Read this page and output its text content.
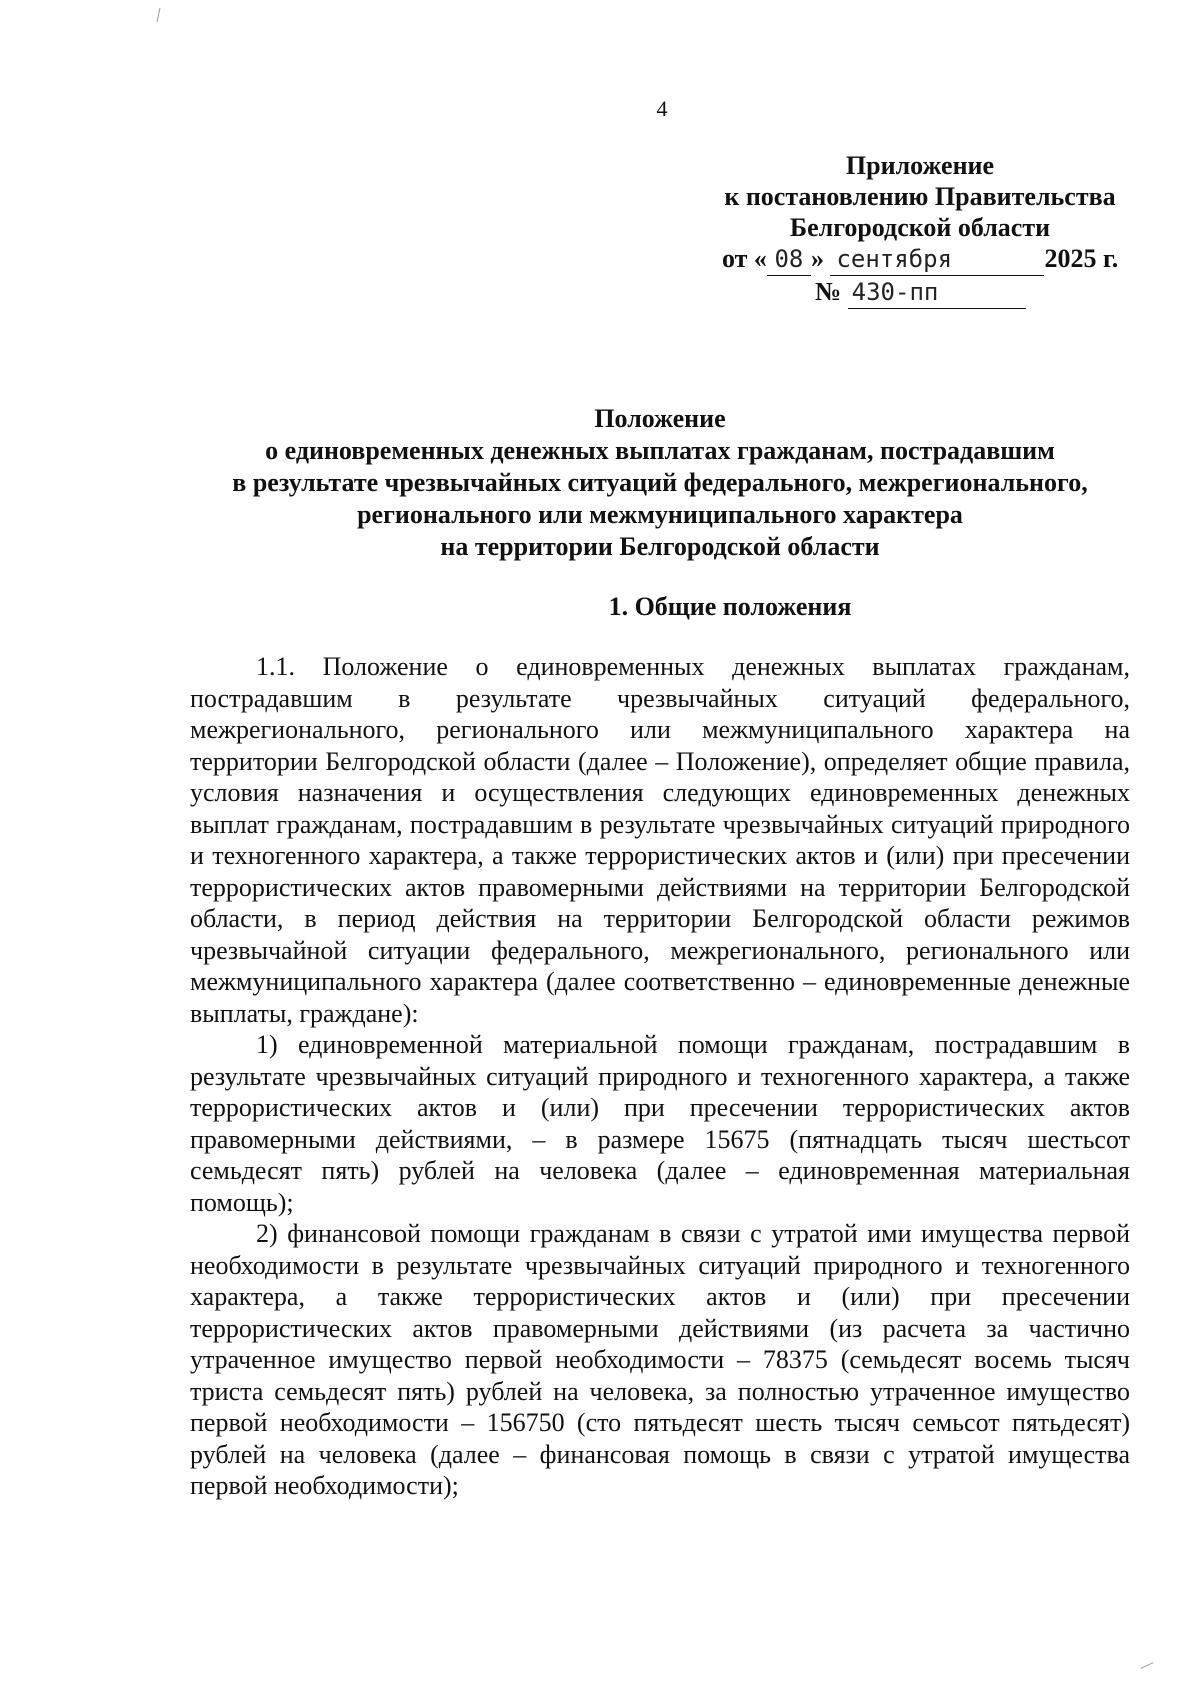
4
Приложение
к постановлению Правительства
Белгородской области
от « 08 » сентября	2025 г.
№ 430-пп
Положение
о единовременных денежных выплатах гражданам, пострадавшим
в результате чрезвычайных ситуаций федерального, межрегионального,
регионального или межмуниципального характера
на территории Белгородской области
1. Общие положения

1.1. Положение о единовременных денежных выплатах гражданам, пострадавшим в результате чрезвычайных ситуаций федерального, межрегионального, регионального или межмуниципального характера на территории Белгородской области (далее – Положение), определяет общие правила, условия назначения и осуществления следующих единовременных денежных выплат гражданам, пострадавшим в результате чрезвычайных ситуаций природного и техногенного характера, а также террористических актов и (или) при пресечении террористических актов правомерными действиями на территории Белгородской области, в период действия на территории Белгородской области режимов чрезвычайной ситуации федерального, межрегионального, регионального или межмуниципального характера (далее соответственно – единовременные денежные выплаты, граждане):

1) единовременной материальной помощи гражданам, пострадавшим в результате чрезвычайных ситуаций природного и техногенного характера, а также террористических актов и (или) при пресечении террористических актов правомерными действиями, – в размере 15675 (пятнадцать тысяч шестьсот семьдесят пять) рублей на человека (далее – единовременная материальная помощь);

2) финансовой помощи гражданам в связи с утратой ими имущества первой необходимости в результате чрезвычайных ситуаций природного и техногенного характера, а также террористических актов и (или) при пресечении террористических актов правомерными действиями (из расчета за частично утраченное имущество первой необходимости – 78375 (семьдесят восемь тысяч триста семьдесят пять) рублей на человека, за полностью утраченное имущество первой необходимости – 156750 (сто пятьдесят шесть тысяч семьсот пятьдесят) рублей на человека (далее – финансовая помощь в связи с утратой имущества первой необходимости);
